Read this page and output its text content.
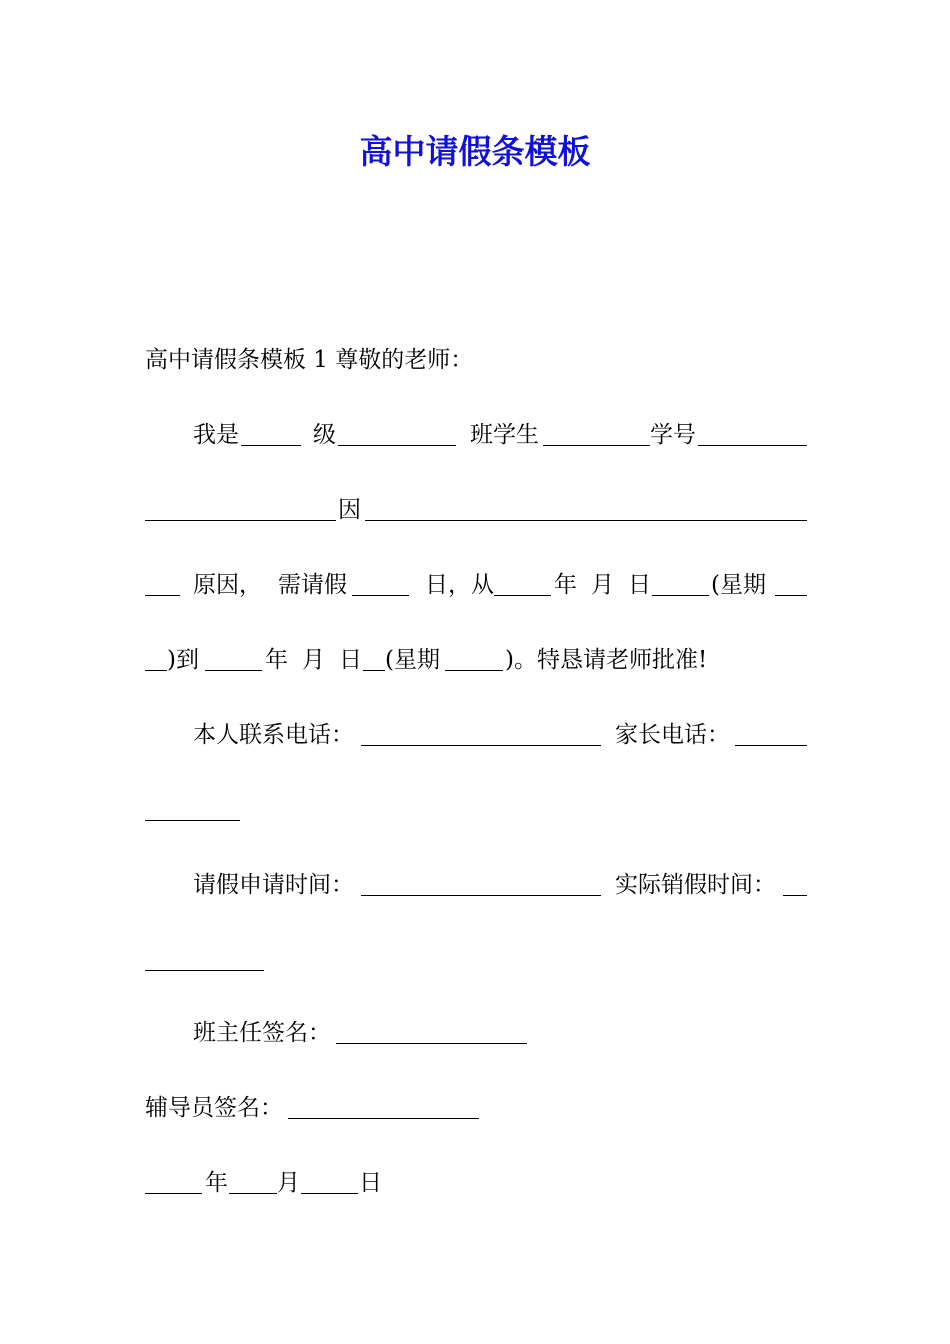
高中请假条模板
高中请假条模板 1 尊敬的老师：
我是	级	班学生	学号
因
原因， 需请假	日，从	年 月 日	(星期
)到	年 月 日 (星期	)。特恳请老师批准!
本人联系电话：	家长电话：
请假申请时间：	实际销假时间：
班主任签名：
辅导员签名：
年 月	日
